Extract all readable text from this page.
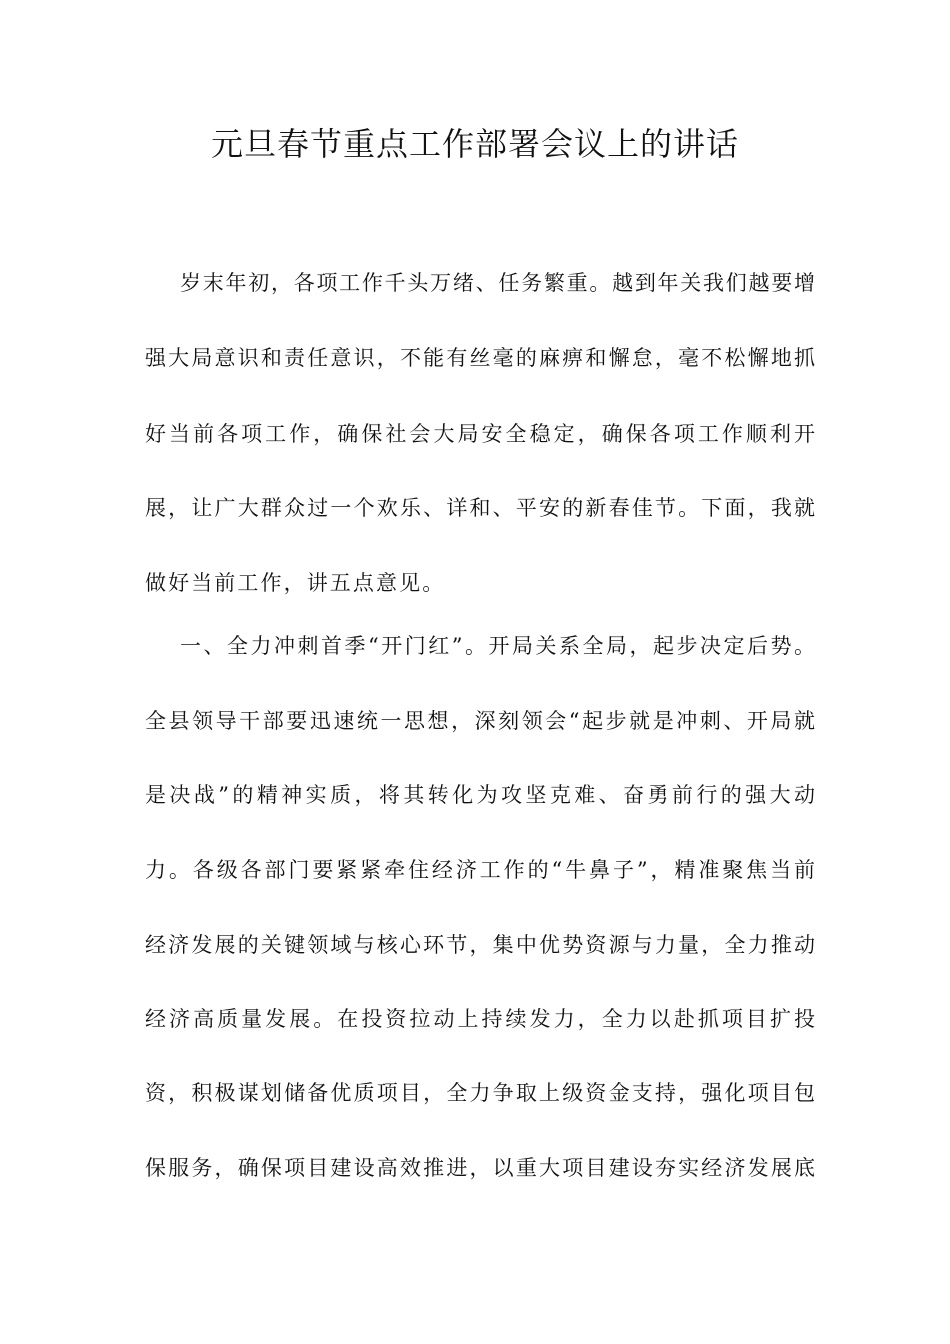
元旦春节重点工作部署会议上的讲话
岁末年初，各项工作千头万绪、任务繁重。越到年关我们越要增
强大局意识和责任意识，不能有丝毫的麻痹和懈怠，毫不松懈地抓
好当前各项工作，确保社会大局安全稳定，确保各项工作顺利开
展，让广大群众过一个欢乐、详和、平安的新春佳节。下面，我就
做好当前工作，讲五点意见。
一、全力冲刺首季“开门红”。开局关系全局，起步决定后势。
全县领导干部要迅速统一思想，深刻领会“起步就是冲刺、开局就
是决战”的精神实质，将其转化为攻坚克难、奋勇前行的强大动
力。各级各部门要紧紧牵住经济工作的“牛鼻子”，精准聚焦当前
经济发展的关键领域与核心环节，集中优势资源与力量，全力推动
经济高质量发展。在投资拉动上持续发力，全力以赴抓项目扩投
资，积极谋划储备优质项目，全力争取上级资金支持，强化项目包
保服务，确保项目建设高效推进，以重大项目建设夯实经济发展底
